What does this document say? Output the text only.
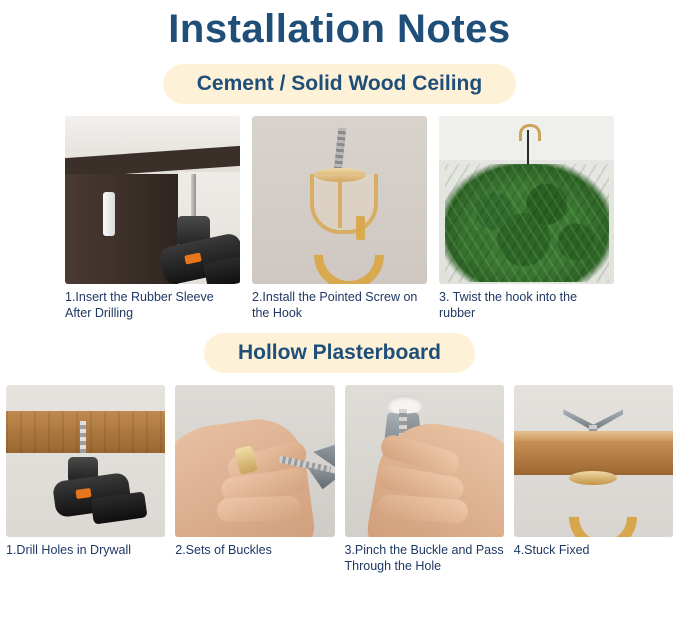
Installation Notes
Cement / Solid Wood Ceiling
1.Insert the Rubber Sleeve After Drilling
2.Install the Pointed Screw on the Hook
3. Twist the hook into the rubber
Hollow Plasterboard
1.Drill Holes in Drywall	2.Sets of Buckles	3.Pinch the Buckle and Pass Through the Hole
4.Stuck Fixed
